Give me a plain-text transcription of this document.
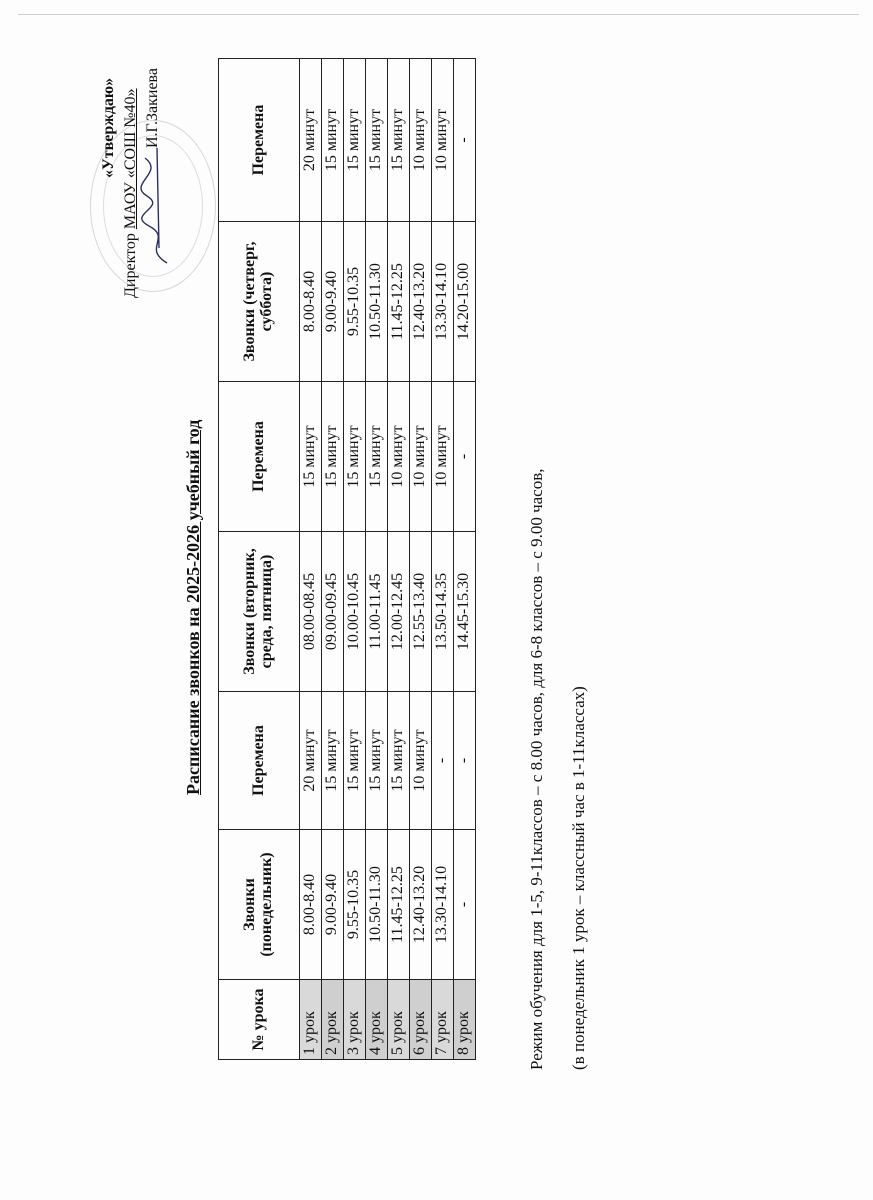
«Утверждаю»
Директор МАОУ «СОШ №40» И.Г.Закиева
Расписание звонков на 2025-2026 учебный год
№ урока	Звонки (понедельник)	Перемена	Звонки (вторник, среда, пятница)	Перемена	Звонки (четверг, суббота)	Перемена
1 урок	8.00-8.40	20 минут	08.00-08.45	15 минут	8.00-8.40	20 минут
2 урок	9.00-9.40	15 минут	09.00-09.45	15 минут	9.00-9.40	15 минут
3 урок	9.55-10.35	15 минут	10.00-10.45	15 минут	9.55-10.35	15 минут
4 урок	10.50-11.30	15 минут	11.00-11.45	15 минут	10.50-11.30	15 минут
5 урок	11.45-12.25	15 минут	12.00-12.45	10 минут	11.45-12.25	15 минут
6 урок	12.40-13.20	10 минут	12.55-13.40	10 минут	12.40-13.20	10 минут
7 урок	13.30-14.10	-	13.50-14.35	10 минут	13.30-14.10	10 минут
8 урок	-	-	14.45-15.30	-	14.20-15.00	-
Режим обучения для 1-5, 9-11классов – с 8.00 часов, для 6-8 классов – с 9.00 часов, (в понедельник 1 урок – классный час в 1-11классах)
